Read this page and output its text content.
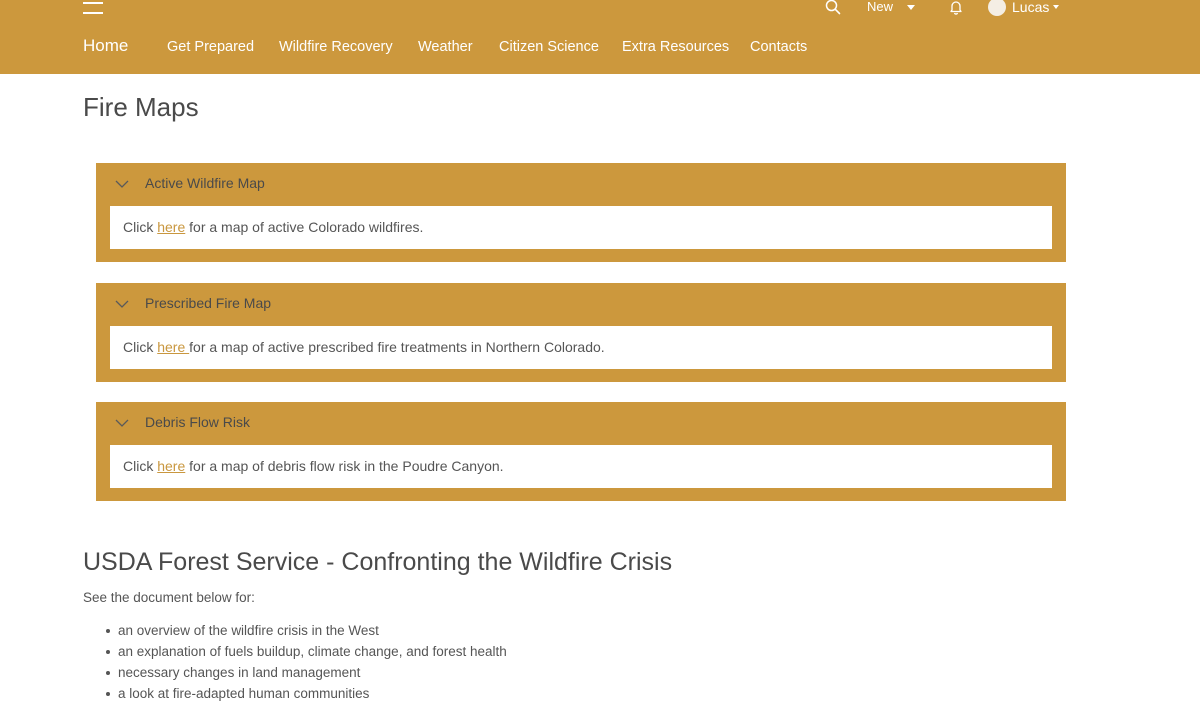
New	Lucas
Home	Get Prepared Wildfire Recovery Weather Citizen Science Extra Resources Contacts
Fire Maps
Active Wildfire Map
Click here for a map of active Colorado wildfires.
Prescribed Fire Map
Click here for a map of active prescribed fire treatments in Northern Colorado.
Debris Flow Risk
Click here for a map of debris flow risk in the Poudre Canyon.
USDA Forest Service - Confronting the Wildfire Crisis

See the document below for:

an overview of the wildfire crisis in the West
an explanation of fuels buildup, climate change, and forest health
necessary changes in land management
a look at fire-adapted human communities
